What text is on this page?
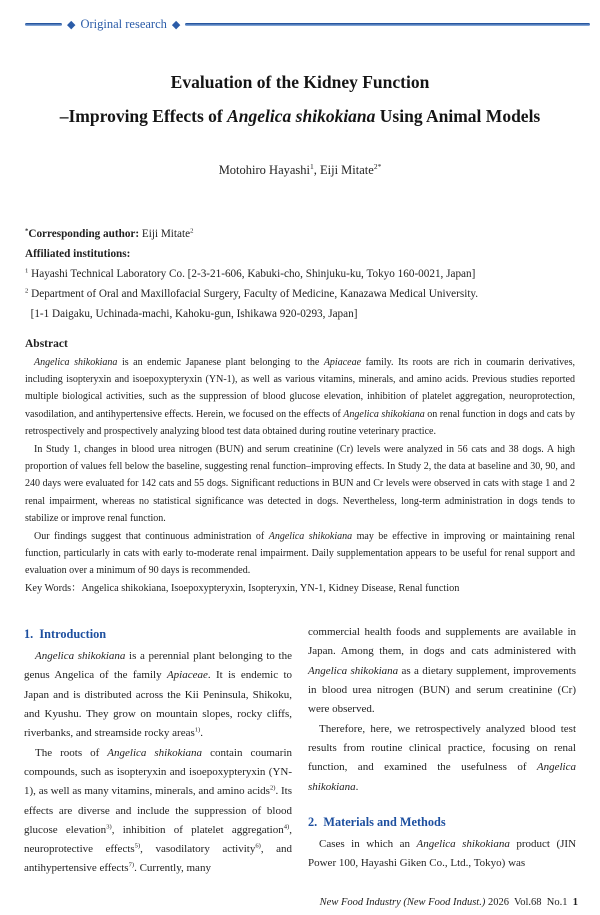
◆ Original research ◆
Evaluation of the Kidney Function
–Improving Effects of Angelica shikokiana Using Animal Models
Motohiro Hayashi$^1$, Eiji Mitate$^{2*}$
*Corresponding author: Eiji Mitate$^2$
Affiliated institutions:
$^1$ Hayashi Technical Laboratory Co. [2-3-21-606, Kabuki-cho, Shinjuku-ku, Tokyo 160-0021, Japan]
$^2$ Department of Oral and Maxillofacial Surgery, Faculty of Medicine, Kanazawa Medical University.
[1-1 Daigaku, Uchinada-machi, Kahoku-gun, Ishikawa 920-0293, Japan]
Abstract

Angelica shikokiana is an endemic Japanese plant belonging to the Apiaceae family. Its roots are rich in coumarin derivatives, including isopteryxin and isoepoxypteryxin (YN-1), as well as various vitamins, minerals, and amino acids. Previous studies reported multiple biological activities, such as the suppression of blood glucose elevation, inhibition of platelet aggregation, neuroprotection, vasodilation, and antihypertensive effects. Herein, we focused on the effects of Angelica shikokiana on renal function in dogs and cats by retrospectively and prospectively analyzing blood test data obtained during routine veterinary practice.

In Study 1, changes in blood urea nitrogen (BUN) and serum creatinine (Cr) levels were analyzed in 56 cats and 38 dogs. A high proportion of values fell below the baseline, suggesting renal function–improving effects. In Study 2, the data at baseline and 30, 90, and 240 days were evaluated for 142 cats and 55 dogs. Significant reductions in BUN and Cr levels were observed in cats with stage 1 and 2 renal impairment, whereas no statistical significance was detected in dogs. Nevertheless, long-term administration in dogs tends to stabilize or improve renal function.

Our findings suggest that continuous administration of Angelica shikokiana may be effective in improving or maintaining renal function, particularly in cats with early to-moderate renal impairment. Daily supplementation appears to be useful for renal support and evaluation over a minimum of 90 days is recommended.

Key Words：Angelica shikokiana, Isoepoxypteryxin, Isopteryxin, YN-1, Kidney Disease, Renal function

1.  Introduction

Angelica shikokiana is a perennial plant belonging to the genus Angelica of the family Apiaceae. It is endemic to Japan and is distributed across the Kii Peninsula, Shikoku, and Kyushu. They grow on mountain slopes, rocky cliffs, riverbanks, and streamside rocky areas$^{1)}$.

The roots of Angelica shikokiana contain coumarin compounds, such as isopteryxin and isoepoxypteryxin (YN-1), as well as many vitamins, minerals, and amino acids$^{2)}$. Its effects are diverse and include the suppression of blood glucose elevation$^{3)}$, inhibition of platelet aggregation$^{4)}$, neuroprotective effects$^{5)}$, vasodilatory activity$^{6)}$, and antihypertensive effects$^{7)}$. Currently, many

commercial health foods and supplements are available in Japan. Among them, in dogs and cats administered with Angelica shikokiana as a dietary supplement, improvements in blood urea nitrogen (BUN) and serum creatinine (Cr) were observed.

Therefore, here, we retrospectively analyzed blood test results from routine clinical practice, focusing on renal function, and examined the usefulness of Angelica shikokiana.

2.  Materials and Methods

Cases in which an Angelica shikokiana product (JIN Power 100, Hayashi Giken Co., Ltd., Tokyo) was

New Food Industry (New Food Indust.) 2026  Vol.68  No.1  1
